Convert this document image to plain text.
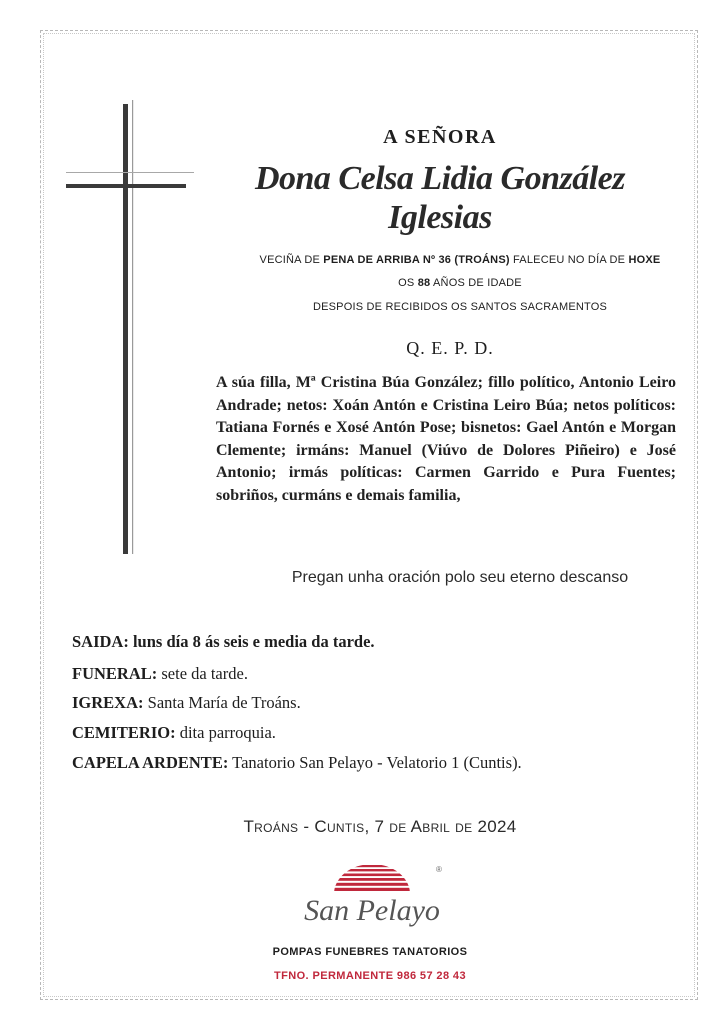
A SEÑORA
Dona Celsa Lidia González
Iglesias
VECIÑA DE PENA DE ARRIBA Nº 36 (TROÁNS) FALECEU NO DÍA DE HOXE
OS 88 AÑOS DE IDADE
DESPOIS DE RECIBIDOS OS SANTOS SACRAMENTOS
Q. E. P. D.
A súa filla, Mª Cristina Búa González; fillo político, Antonio Leiro Andrade; netos: Xoán Antón e Cristina Leiro Búa; netos políticos: Tatiana Fornés e Xosé Antón Pose; bisnetos: Gael Antón e Morgan Clemente; irmáns: Manuel (Viúvo de Dolores Piñeiro) e José Antonio; irmás políticas: Carmen Garrido e Pura Fuentes; sobriños, curmáns e demais familia,
Pregan unha oración polo seu eterno descanso
SAIDA: luns día 8 ás seis e media da tarde.
FUNERAL: sete da tarde.
IGREXA: Santa María de Troáns.
CEMITERIO: dita parroquia.
CAPELA ARDENTE: Tanatorio San Pelayo - Velatorio 1 (Cuntis).
Troáns - Cuntis, 7 de Abril de 2024
®
San Pelayo
POMPAS FUNEBRES TANATORIOS
TFNO. PERMANENTE 986 57 28 43
